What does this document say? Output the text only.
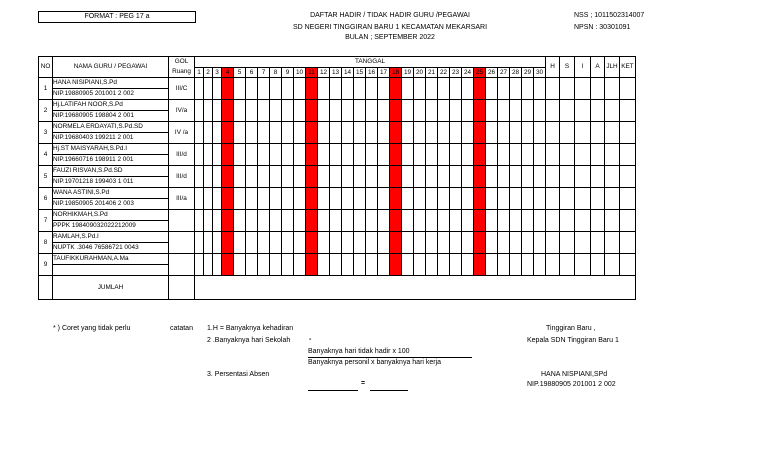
FORMAT : PEG 17 a	DAFTAR HADIR / TIDAK HADIR GURU /PEGAWAI
SD NEGERI TINGGIRAN BARU 1 KECAMATAN MEKARSARI
BULAN ; SEPTEMBER 2022
NSS ; 1011502314007
NPSN : 30301091
NO	NAMA GURU / PEGAWAI	GOL	TANGGAL																														H	S	I	A	JLH	KET
		Ruang	1	2	3	4	5	6	7	8	9	10	11	12	13	14	15	16	17	18	19	20	21	22	23	24	25	26	27	28	29	30						
1	HANA NISIPIANI,S.Pd	III/C																																				
	NIP.19880905 201001 2 002																																					
2	Hj.LATIFAH NOOR,S.Pd	IV/a																																				
	NIP.19680905 198804 2 001																																					
3	NORMELA ERDAYATI,S.Pd.SD	IV /a																																				
	NIP.19680403 199211 2 001																																					
4	Hj.ST MAISYARAH,S.Pd.I	III/d																																				
	NIP.19660716 198911 2 001																																					
5	FAUZI RISVAN,S.Pd.SD	III/d																																				
	NIP.19701218 199403 1 011																																					
6	WANA ASTINI,S.Pd	III/a																																				
	NIP.19850905 201406 2 003																																					
7	NORHIKMAH,S.Pd																																					
	PPPK 198409032022212009																																					
8	RAMLAH,S.Pd.I																																					
	NUPTK .3046 76586721 0043																																					
9	TAUFIKKURAHMAN,A.Ma																																					

	JUMLAH																																					
* ) Coret yang tidak perlu	catatan 1.H = Banyaknya kehadiran
2 .Banyaknya hari Sekolah	-
Banyaknya hari tidak hadir x 100
Banyaknya personil x banyaknya hari kerja
3. Persentasi Absen
=
Tinggiran Baru ,
Kepala SDN Tinggiran Baru 1
HANA NISPIANI,SPd
NIP.19880905 201001 2 002
